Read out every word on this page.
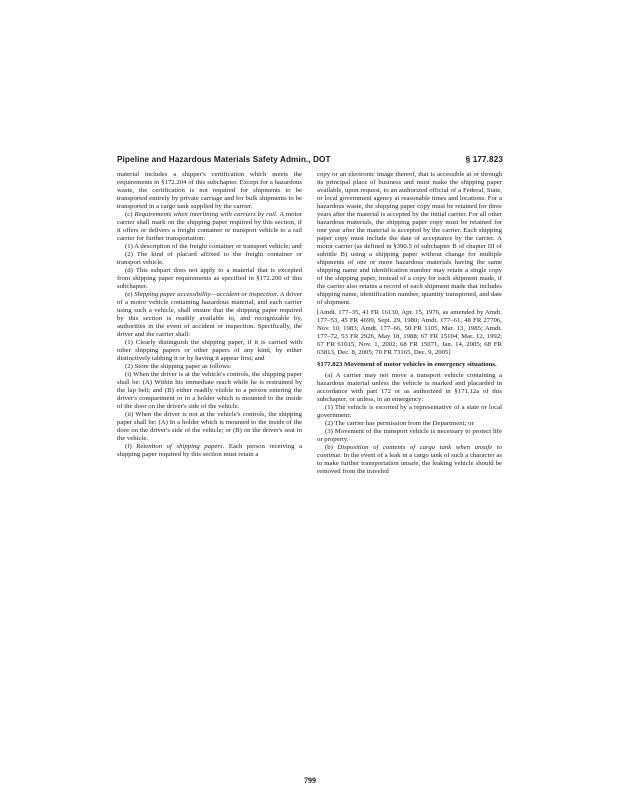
Pipeline and Hazardous Materials Safety Admin., DOT	§ 177.823

material includes a shipper's certification which meets the requirements in §172.204 of this subchapter. Except for a hazardous waste, the certification is not required for shipments to be transported entirely by private carriage and for bulk shipments to be transported in a cargo tank supplied by the carrier.

(c) Requirements when interlining with carriers by rail. A motor carrier shall mark on the shipping paper required by this section, if it offers or delivers a freight container or transport vehicle to a rail carrier for further transportation:

(1) A description of the freight container or transport vehicle; and

(2) The kind of placard affixed to the freight container or transport vehicle.

(d) This subpart does not apply to a material that is excepted from shipping paper requirements as specified in §172.200 of this subchapter.

(e) Shipping paper accessibility—accident or inspection. A driver of a motor vehicle containing hazardous material, and each carrier using such a vehicle, shall ensure that the shipping paper required by this section is readily available to, and recognizable by, authorities in the event of accident or inspection. Specifically, the driver and the carrier shall:

(1) Clearly distinguish the shipping paper, if it is carried with other shipping papers or other papers of any kind, by either distinctively tabbing it or by having it appear first; and

(2) Store the shipping paper as follows:

(i) When the driver is at the vehicle's controls, the shipping paper shall be: (A) Within his immediate reach while he is restrained by the lap belt; and (B) either readily visible to a person entering the driver's compartment or in a holder which is mounted to the inside of the door on the driver's side of the vehicle.

(ii) When the driver is not at the vehicle's controls, the shipping paper shall be: (A) In a holder which is mounted to the inside of the door on the driver's side of the vehicle; or (B) on the driver's seat in the vehicle.

(f) Retention of shipping papers. Each person receiving a shipping paper required by this section must retain a

copy or an electronic image thereof, that is accessible at or through its principal place of business and must make the shipping paper available, upon request, to an authorized official of a Federal, State, or local government agency at reasonable times and locations. For a hazardous waste, the shipping paper copy must be retained for three years after the material is accepted by the initial carrier. For all other hazardous materials, the shipping paper copy must be retained for one year after the material is accepted by the carrier. Each shipping paper copy must include the date of acceptance by the carrier. A motor carrier (as defined in §390.5 of subchapter B of chapter III of subtitle B) using a shipping paper without change for multiple shipments of one or more hazardous materials having the same shipping name and identification number may retain a single copy of the shipping paper, instead of a copy for each shipment made, if the carrier also retains a record of each shipment made that includes shipping name, identification number, quantity transported, and date of shipment.

[Amdt. 177–35, 41 FR 16130, Apr. 15, 1976, as amended by Amdt. 177–53, 45 FR 4699, Sept. 29, 1980; Amdt. 177–61, 48 FR 27706, Nov. 10, 1983; Amdt. 177–66, 50 FR 1105, Mar. 13, 1985; Amdt. 177–72, 53 FR 2926, May 18, 1988; 67 FR 15104, Mar. 12, 1992; 67 FR 61015, Nov. 1, 2002; 68 FR 15071, Jan. 14, 2005; 68 FR 63813, Dec. 8, 2005; 70 FR 73165, Dec. 9, 2005]

§177.823 Movement of motor vehicles in emergency situations.

(a) A carrier may not move a transport vehicle containing a hazardous material unless the vehicle is marked and placarded in accordance with part 172 or as authorized in §171.12a of this subchapter, or unless, in an emergency:

(1) The vehicle is escorted by a representative of a state or local government;

(2) The carrier has permission from the Department; or

(3) Movement of the transport vehicle is necessary to protect life or property.

(b) Disposition of contents of cargo tank when unsafe to continue. In the event of a leak in a cargo tank of such a character as to make further transportation unsafe, the leaking vehicle should be removed from the traveled

799
